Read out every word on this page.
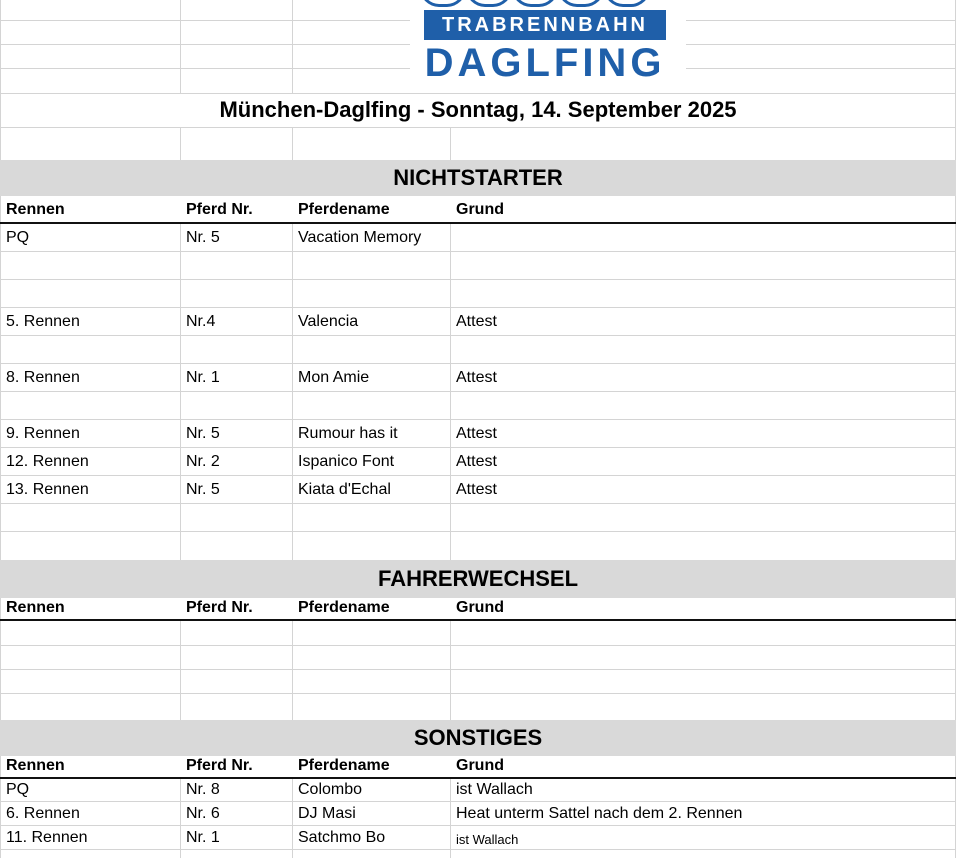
TRABRENNBAHN
DAGLFING
München-Daglfing - Sonntag, 14. September 2025
NICHTSTARTER
Rennen	Pferd Nr.	Pferdename	Grund
PQ	Nr. 5	Vacation Memory
5. Rennen	Nr.4	Valencia	Attest
8. Rennen	Nr. 1	Mon Amie	Attest
9. Rennen	Nr. 5	Rumour has it	Attest
12. Rennen	Nr. 2	Ispanico Font	Attest
13. Rennen	Nr. 5	Kiata d'Echal	Attest
FAHRERWECHSEL
Rennen	Pferd Nr.	Pferdename	Grund
SONSTIGES
Rennen	Pferd Nr.	Pferdename	Grund
PQ	Nr. 8	Colombo	ist Wallach
6. Rennen	Nr. 6	DJ Masi	Heat unterm Sattel nach dem 2. Rennen
11. Rennen	Nr. 1	Satchmo Bo	ist Wallach
